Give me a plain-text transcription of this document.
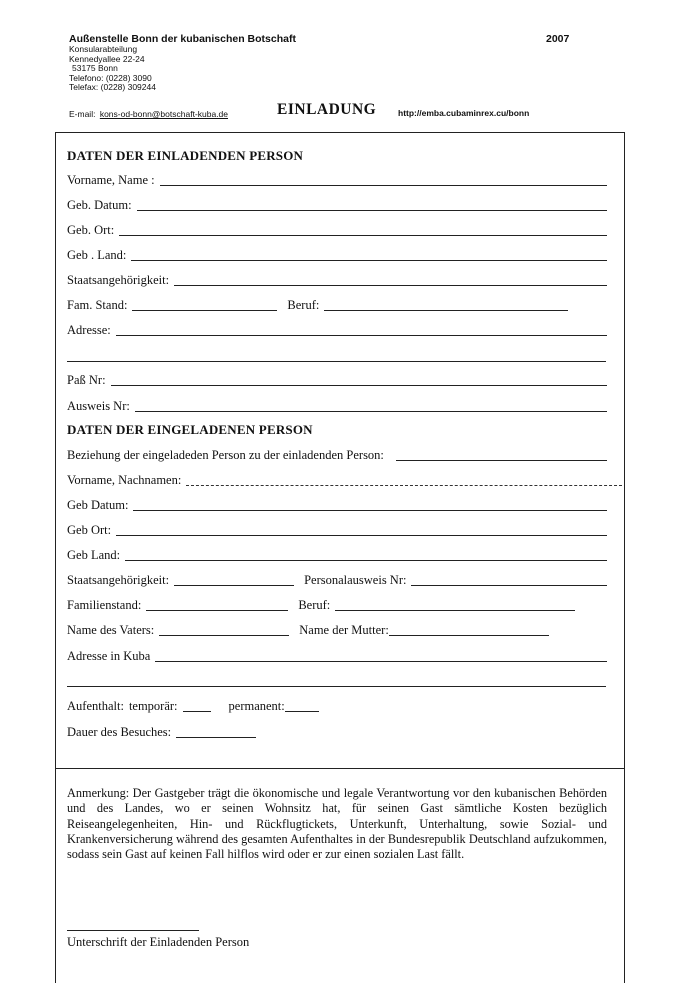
Außenstelle Bonn der kubanischen Botschaft	2007
Konsularabteilung
Kennedyallee 22-24
53175 Bonn
Telefono: (0228) 3090
Telefax: (0228) 309244
E-mail: kons-od-bonn@botschaft-kuba.de	EINLADUNG	http://emba.cubaminrex.cu/bonn
DATEN DER EINLADENDEN PERSON
Vorname, Name :
Geb. Datum:
Geb. Ort:
Geb . Land:
Staatsangehörigkeit:
Fam. Stand:	Beruf:
Adresse:
Paß Nr:
Ausweis Nr:
DATEN DER EINGELADENEN PERSON
Beziehung der eingeladeden Person zu der einladenden Person:
Vorname, Nachnamen:
Geb Datum:
Geb Ort:
Geb Land:
Staatsangehörigkeit:	Personalausweis Nr:
Familienstand:	Beruf:
Name des Vaters:	Name der Mutter:
Adresse in Kuba
Aufenthalt: temporär:	permanent:
Dauer des Besuches:
Anmerkung: Der Gastgeber trägt die ökonomische und legale Verantwortung vor den kubanischen Behörden und des Landes, wo er seinen Wohnsitz hat, für seinen Gast sämtliche Kosten bezüglich Reiseangelegenheiten, Hin- und Rückflugtickets, Unterkunft, Unterhaltung, sowie Sozial- und Krankenversicherung während des gesamten Aufenthaltes in der Bundesrepublik Deutschland aufzukommen, sodass sein Gast auf keinen Fall hilflos wird oder er zur einen sozialen Last fällt.
Unterschrift der Einladenden Person
